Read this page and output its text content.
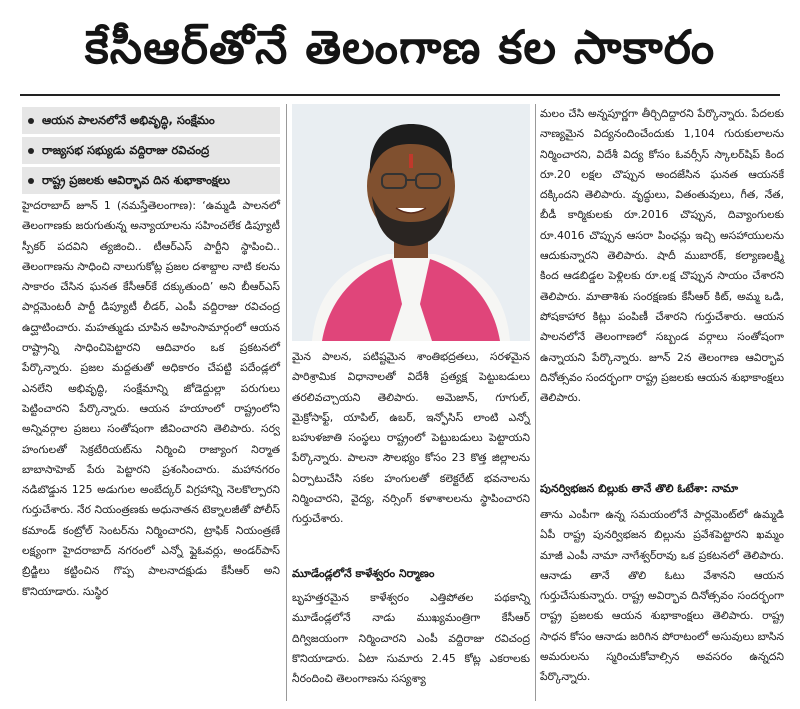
కేసీఆర్‌తోనే తెలంగాణ కల సాకారం
ఆయన పాలనలోనే అభివృద్ధి, సంక్షేమం
రాజ్యసభ సభ్యుడు వద్దిరాజు రవిచంద్ర
రాష్ట్ర ప్రజలకు ఆవిర్భావ దిన శుభాకాంక్షలు

హైదరాబాద్ జూన్ 1 (నమస్తేతెలంగాణ): ‘ఉమ్మడి పాలనలో తెలంగాణకు జరుగుతున్న అన్యాయాలను సహించలేక డిప్యూటీ స్పీకర్ పదవిని త్యజించి.. టీఆర్ఎస్ పార్టీని స్థాపించి.. తెలంగాణను సాధించి నాలుగుకోట్ల ప్రజల దశాబ్దాల నాటి కలను సాకారం చేసిన ఘనత కేసీఆర్‌కే దక్కుతుంది’ అని బీఆర్ఎస్ పార్లమెంటరీ పార్టీ డిప్యూటీ లీడర్, ఎంపీ వద్దిరాజు రవిచంద్ర ఉద్ఘాటించారు. మహత్ముడు చూపిన అహింసామార్గంలో ఆయన రాష్ట్రాన్ని సాధించిపెట్టారని ఆదివారం ఒక ప్రకటనలో పేర్కొన్నారు. ప్రజల మద్దతుతో అధికారం చేపట్టి పదేండ్లలో ఎనలేని అభివృద్ధి, సంక్షేమాన్ని జోడెద్దుల్లా పరుగులు పెట్టించారని పేర్కొన్నారు. ఆయన హయాంలో రాష్ట్రంలోని అన్నివర్గాల ప్రజలు సంతోషంగా జీవించారని తెలిపారు. సర్వ హంగులతో సెక్రటేరియట్‌ను నిర్మించి రాజ్యాంగ నిర్మాత బాబాసాహెబ్ పేరు పెట్టారని ప్రశంసించారు. మహానగరం నడిబొడ్డున 125 అడుగుల అంబేద్కర్ విగ్రహాన్ని నెలకొల్పారని గుర్తుచేశారు. నేర నియంత్రణకు అధునాతన టెక్నాలజీతో పోలీస్ కమాండ్ కంట్రోల్ సెంటర్‌ను నిర్మించారని, ట్రాఫిక్ నియంత్రణే లక్ష్యంగా హైదరాబాద్ నగరంలో ఎన్నో ఫ్లైఓవర్లు, అండర్‌పాస్ బ్రిడ్జిలు కట్టించిన గొప్ప పాలనాదక్షుడు కేసీఆర్ అని కొనియాడారు. సుస్థిర

మైన పాలన, పటిష్టమైన శాంతిభద్రతలు, సరళమైన పారిశ్రామిక విధానాలతో విదేశీ ప్రత్యక్ష పెట్టుబడులు తరలివచ్చాయని తెలిపారు. అమెజాన్, గూగుల్, మైక్రోసాఫ్ట్, యాపిల్, ఉబర్, ఇన్ఫోసిస్ లాంటి ఎన్నో బహుళజాతి సంస్థలు రాష్ట్రంలో పెట్టుబడులు పెట్టాయని పేర్కొన్నారు. పాలనా సౌలభ్యం కోసం 23 కొత్త జిల్లాలను ఏర్పాటుచేసి సకల హంగులతో కలెక్టరేట్ భవనాలను నిర్మించారని, వైద్య, నర్సింగ్ కళాశాలలను స్థాపించారని గుర్తుచేశారు.

మూడేండ్లలోనే కాళేశ్వరం నిర్మాణం

బృహత్తరమైన కాళేశ్వరం ఎత్తిపోతల పథకాన్ని మూడేండ్లలోనే నాడు ముఖ్యమంత్రిగా కేసీఆర్ దిగ్విజయంగా నిర్మించారని ఎంపీ వద్దిరాజు రవిచంద్ర కొనియాడారు. ఏటా సుమారు 2.45 కోట్ల ఎకరాలకు నీరందించి తెలంగాణను సస్యశ్యా

మలం చేసి అన్నపూర్ణగా తీర్చిదిద్దారని పేర్కొన్నారు. పేదలకు నాణ్యమైన విద్యనందించేందుకు 1,104 గురుకులాలను నిర్మించారని, విదేశీ విద్య కోసం ఓవర్సీస్ స్కాలర్‌షిప్ కింద రూ.20 లక్షల చొప్పున అందజేసిన ఘనత ఆయనకే దక్కిందని తెలిపారు. వృద్ధులు, వితంతువులు, గీత, నేత, బీడీ కార్మికులకు రూ.2016 చొప్పున, దివ్యాంగులకు రూ.4016 చొప్పున ఆసరా పింఛన్లు ఇచ్చి అసహాయులను ఆదుకున్నారని తెలిపారు. షాదీ ముబారక్, కల్యాణలక్ష్మి కింద ఆడబిడ్డల పెళ్లిలకు రూ.లక్ష చొప్పున సాయం చేశారని తెలిపారు. మాతాశిశు సంరక్షణకు కేసీఆర్ కిట్, అమ్మ ఒడి, పోషకాహార కిట్లు పంపిణీ చేశారని గుర్తుచేశారు. ఆయన పాలనలోనే తెలంగాణలో సబ్బండ వర్గాలు సంతోషంగా ఉన్నాయని పేర్కొన్నారు. జూన్ 2న తెలంగాణ ఆవిర్భావ దినోత్సవం సందర్భంగా రాష్ట్ర ప్రజలకు ఆయన శుభాకాంక్షలు తెలిపారు.

పునర్విభజన బిల్లుకు తానే తొలి ఓటేశా: నామా

తాను ఎంపీగా ఉన్న సమయంలోనే పార్లమెంట్‌లో ఉమ్మడి ఏపీ రాష్ట్ర పునర్విభజన బిల్లును ప్రవేశపెట్టారని ఖమ్మం మాజీ ఎంపీ నామా నాగేశ్వర్‌రావు ఒక ప్రకటనలో తెలిపారు. ఆనాడు తానే తొలి ఓటు వేశానని ఆయన గుర్తుచేసుకున్నారు. రాష్ట్ర అవిర్భావ దినోత్సవం సందర్భంగా రాష్ట్ర ప్రజలకు ఆయన శుభాకాంక్షలు తెలిపారు. రాష్ట్ర సాధన కోసం ఆనాడు జరిగిన పోరాటంలో అసువులు బాసిన అమరులను స్మరించుకోవాల్సిన అవసరం ఉన్నదని పేర్కొన్నారు.
